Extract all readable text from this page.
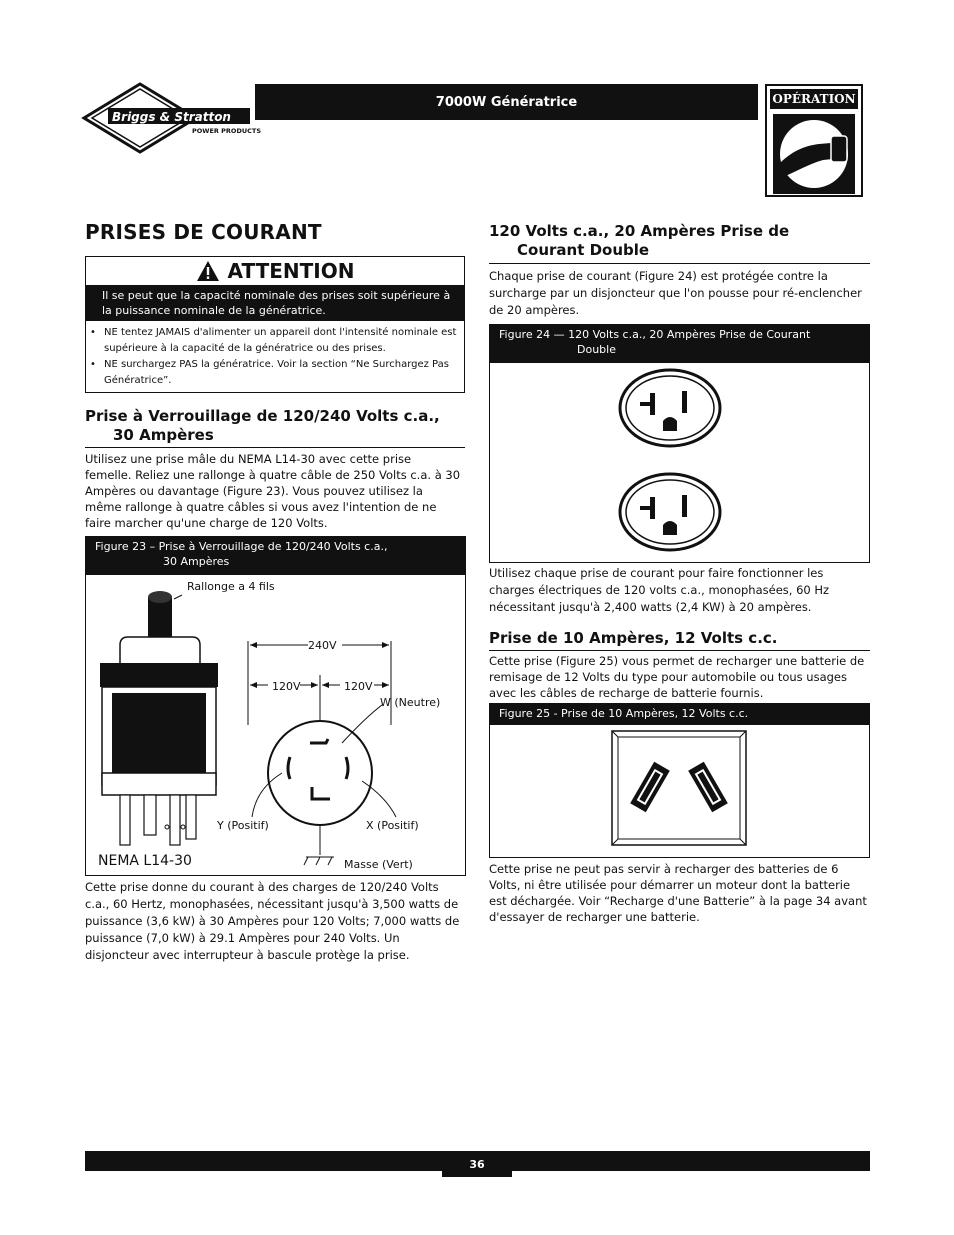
Briggs & Stratton
POWER PRODUCTS
7000W Génératrice	OPÉRATION
PRISES DE COURANT
ATTENTION
Il se peut que la capacité nominale des prises soit supérieure à la puissance nominale de la génératrice.
• NE tentez JAMAIS d'alimenter un appareil dont l'intensité nominale est supérieure à la capacité de la génératrice ou des prises.
• NE surchargez PAS la génératrice. Voir la section “Ne Surchargez Pas Génératrice”.
Prise à Verrouillage de 120/240 Volts c.a.,
30 Ampères
Utilisez une prise mâle du NEMA L14-30 avec cette prise femelle. Reliez une rallonge à quatre câble de 250 Volts c.a. à 30 Ampères ou davantage (Figure 23). Vous pouvez utilisez la même rallonge à quatre câbles si vous avez l'intention de ne faire marcher qu'une charge de 120 Volts.
Figure 23 – Prise à Verrouillage de 120/240 Volts c.a.,
30 Ampères
Rallonge a 4 fils
240V
120V	120V
W (Neutre)
Y (Positif)	X (Positif)
Masse (Vert)
NEMA L14-30
Cette prise donne du courant à des charges de 120/240 Volts c.a., 60 Hertz, monophasées, nécessitant jusqu'à 3,500 watts de puissance (3,6 kW) à 30 Ampères pour 120 Volts; 7,000 watts de puissance (7,0 kW) à 29.1 Ampères pour 240 Volts. Un disjoncteur avec interrupteur à bascule protège la prise.
120 Volts c.a., 20 Ampères Prise de
Courant Double
Chaque prise de courant (Figure 24) est protégée contre la surcharge par un disjoncteur que l'on pousse pour ré-enclencher de 20 ampères.
Figure 24 — 120 Volts c.a., 20 Ampères Prise de Courant
Double
Utilisez chaque prise de courant pour faire fonctionner les charges électriques de 120 volts c.a., monophasées, 60 Hz nécessitant jusqu'à 2,400 watts (2,4 KW) à 20 ampères.
Prise de 10 Ampères, 12 Volts c.c.
Cette prise (Figure 25) vous permet de recharger une batterie de remisage de 12 Volts du type pour automobile ou tous usages avec les câbles de recharge de batterie fournis.
Figure 25 - Prise de 10 Ampères, 12 Volts c.c.
Cette prise ne peut pas servir à recharger des batteries de 6 Volts, ni être utilisée pour démarrer un moteur dont la batterie est déchargée. Voir “Recharge d'une Batterie” à la page 34 avant d'essayer de recharger une batterie.
36
